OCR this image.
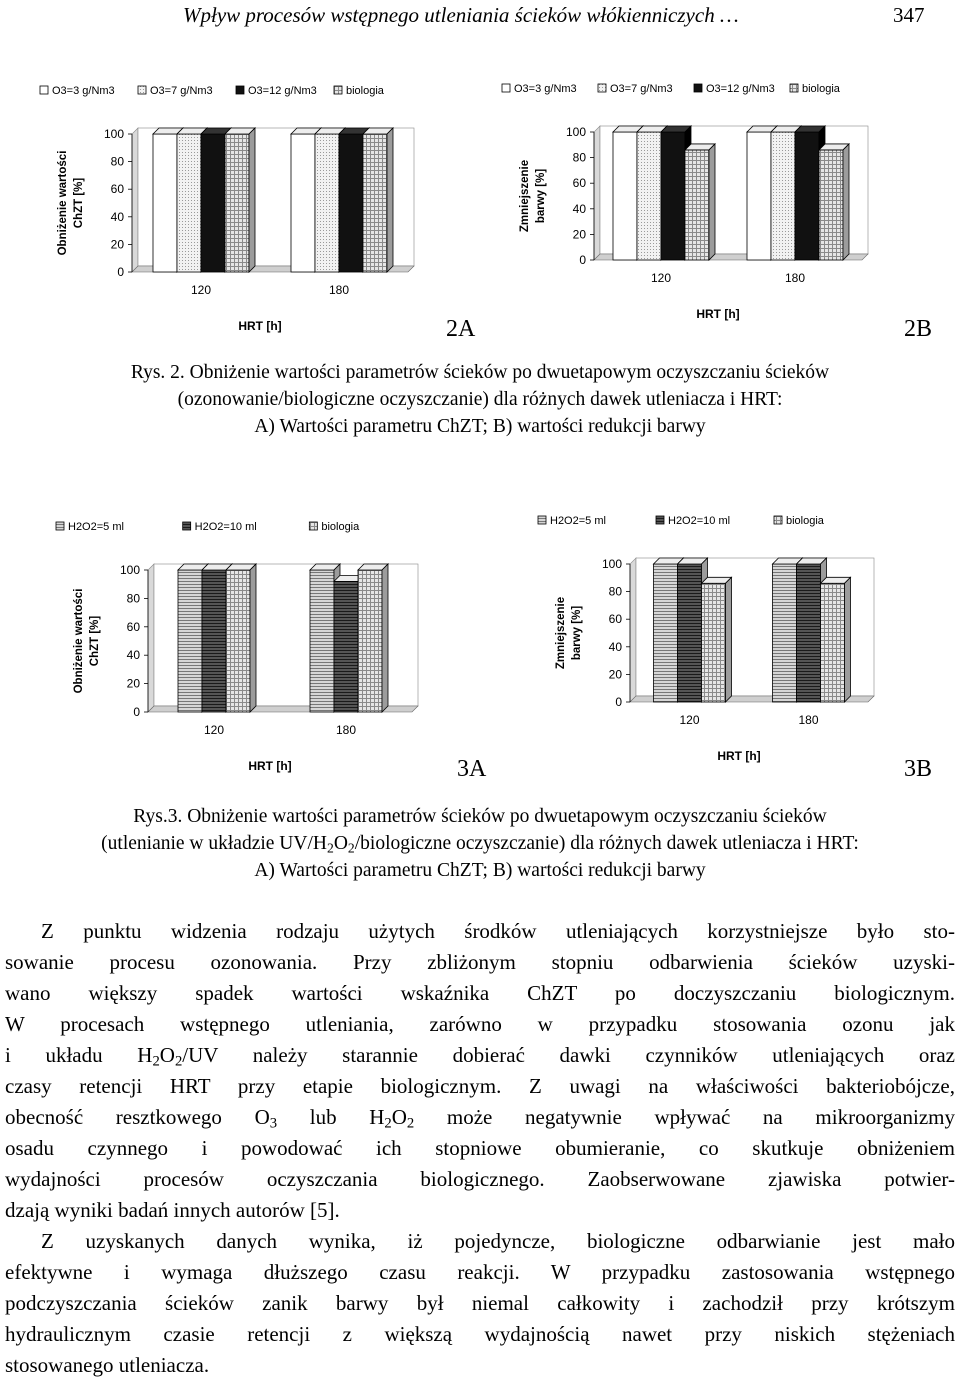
Wpływ procesów wstępnego utleniania ścieków włókienniczych …	347
O3=3 g/Nm3	O3=7 g/Nm3	O3=12 g/Nm3	biologia
0
20
40
60
80
100
Obniżenie wartości ChZT [%]
120	180
HRT [h]
O3=3 g/Nm3	O3=7 g/Nm3	O3=12 g/Nm3 biologia
0
20
40
60
80
100
Zmniejszenie barwy [%]
120	180
HRT [h]
2A	2B
Rys. 2. Obniżenie wartości parametrów ścieków po dwuetapowym oczyszczaniu ścieków
(ozonowanie/biologiczne oczyszczanie) dla różnych dawek utleniacza i HRT:
A) Wartości parametru ChZT; B) wartości redukcji barwy
H2O2=5 ml	H2O2=10 ml	biologia
0
20
40
60
80
100
Obniżenie wartości ChZT [%]
120	180
HRT [h]
H2O2=5 ml	H2O2=10 ml	biologia
0
20
40
60
80
100
Zmniejszenie barwy [%]
120	180
HRT [h]
3A	3B
Rys.3. Obniżenie wartości parametrów ścieków po dwuetapowym oczyszczaniu ścieków
(utlenianie w układzie $UV/H_2O_2$/biologiczne oczyszczanie) dla różnych dawek utleniacza i HRT:
A) Wartości parametru ChZT; B) wartości redukcji barwy
Z punktu widzenia rodzaju użytych środków utleniających korzystniejsze było sto-
sowanie procesu ozonowania. Przy zbliżonym stopniu odbarwienia ścieków uzyski-
wano większy spadek wartości wskaźnika ChZT po doczyszczaniu biologicznym.
W procesach wstępnego utleniania, zarówno w przypadku stosowania ozonu jak
i układu $H_2O_2/UV$ należy starannie dobierać dawki czynników utleniających oraz
czasy retencji HRT przy etapie biologicznym. Z uwagi na właściwości bakteriobójcze,
obecność resztkowego $O_3$ lub $H_2O_2$ może negatywnie wpływać na mikroorganizmy
osadu czynnego i powodować ich stopniowe obumieranie, co skutkuje obniżeniem
wydajności procesów oczyszczania biologicznego. Zaobserwowane zjawiska potwier-
dzają wyniki badań innych autorów [5].
Z uzyskanych danych wynika, iż pojedyncze, biologiczne odbarwianie jest mało
efektywne i wymaga dłuższego czasu reakcji. W przypadku zastosowania wstępnego
podczyszczania ścieków zanik barwy był niemal całkowity i zachodził przy krótszym
hydraulicznym czasie retencji z większą wydajnością nawet przy niskich stężeniach
stosowanego utleniacza.
